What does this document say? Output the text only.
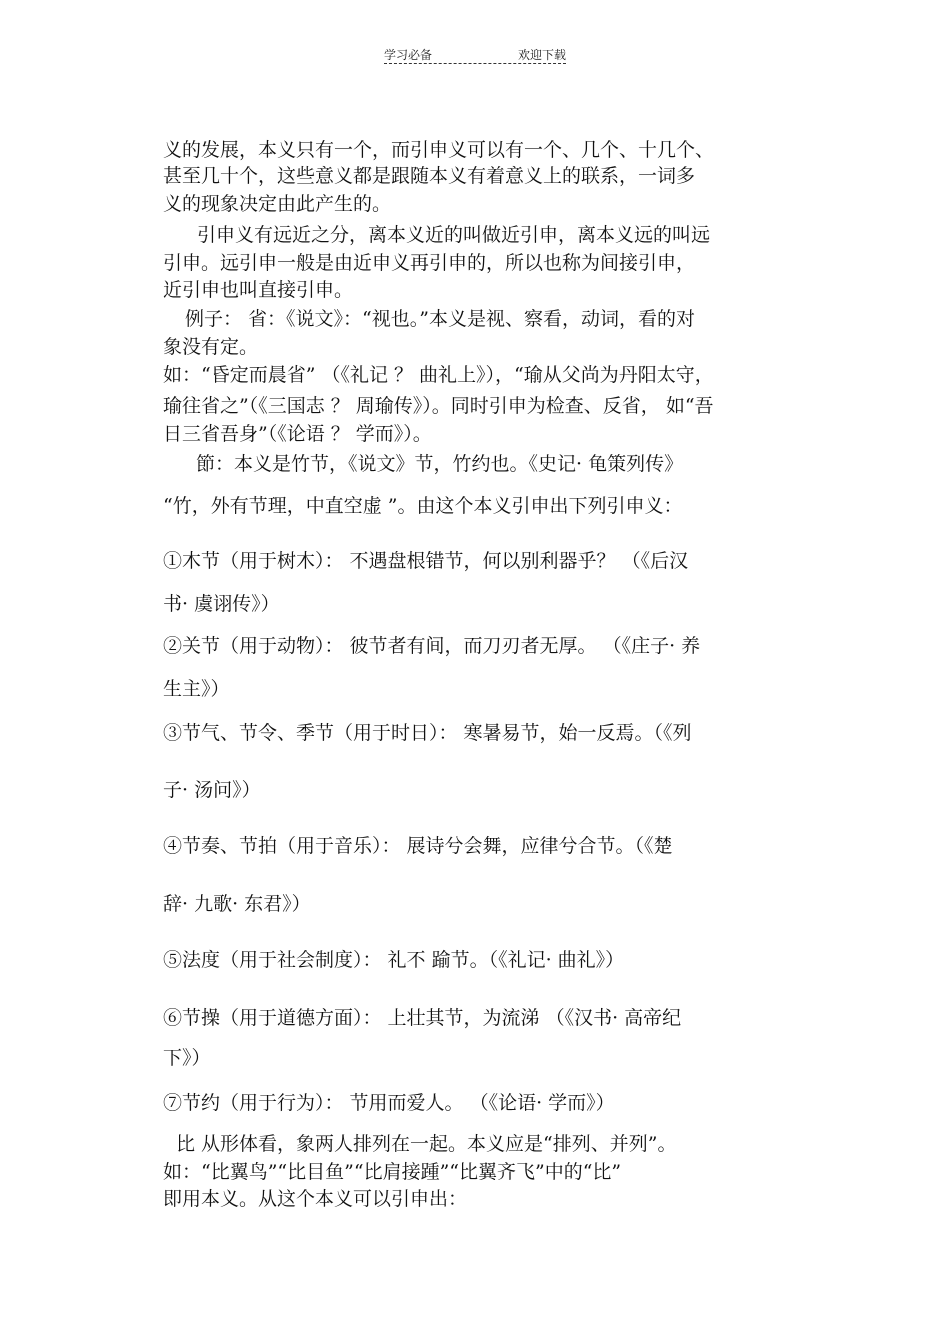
学习必备	欢迎下载
义的发展，本义只有一个，而引申义可以有一个、几个、十几个、
甚至几十个，这些意义都是跟随本义有着意义上的联系，一词多
义的现象决定由此产生的。
引申义有远近之分，离本义近的叫做近引申，离本义远的叫远
引申。远引申一般是由近申义再引申的，所以也称为间接引申，
近引申也叫直接引申。
例子： 省：《说文》：“视也。”本义是视、察看，动词，看的对
象没有定。
如：“昏定而晨省” （《礼记 ？ 曲礼上》），“瑜从父尚为丹阳太守，
瑜往省之”（《三国志 ？ 周瑜传》）。同时引申为检查、反省， 如“吾
日三省吾身”（《论语 ？ 学而》）。
節：本义是竹节，《说文》节，竹约也。《史记· 龟策列传》
“竹，外有节理，中直空虚 ”。由这个本义引申出下列引申义：
①木节（用于树木）： 不遇盘根错节，何以别利器乎？ （《后汉
书· 虞诩传》）
②关节（用于动物）： 彼节者有间，而刀刃者无厚。 （《庄子· 养
生主》）
③节气、节令、季节（用于时日）： 寒暑易节，始一反焉。（《列
子· 汤问》）
④节奏、节拍（用于音乐）： 展诗兮会舞，应律兮合节。（《楚
辞· 九歌· 东君》）
⑤法度（用于社会制度）： 礼不 踰节。（《礼记· 曲礼》）
⑥节操（用于道德方面）： 上壮其节，为流涕 （《汉书· 高帝纪
下》）
⑦节约（用于行为）： 节用而爱人。 （《论语· 学而》）
比 从形体看，象两人排列在一起。本义应是“排列、并列”。
如：“比翼鸟”“比目鱼”“比肩接踵”“比翼齐飞”中的“比”
即用本义。从这个本义可以引申出：
